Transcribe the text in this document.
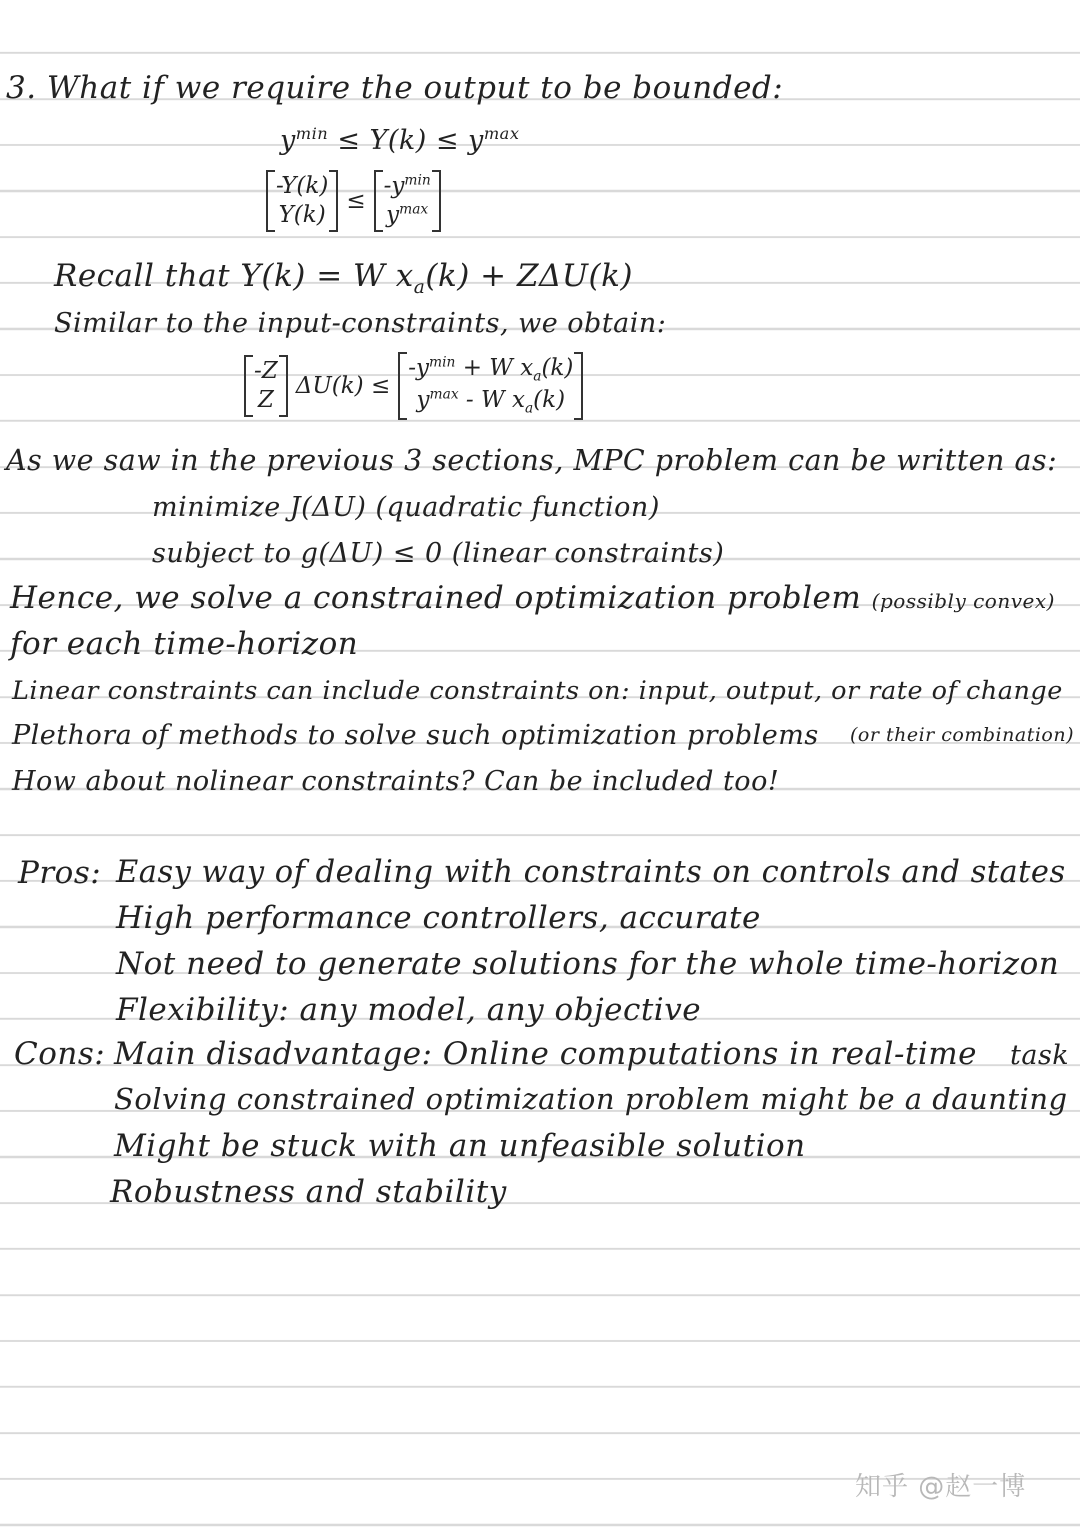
3. What if we require the output to be bounded:
$y^{min} \le Y(k) \le y^{max}$
-Y(k)
Y(k)
≤
$-y^{min}$
$y^{max}$
Recall that Y(k) = W $x_a(k) + Z\Delta U(k)$
Similar to the input-constraints, we obtain:
-Z
Z
ΔU(k) ≤
$-y^{min} + W$ $x_a(k)$
$y^{max}$ - W $x_a(k)$
As we saw in the previous 3 sections, MPC problem can be written as:
minimize J(ΔU) (quadratic function)
subject to g(ΔU) ≤ 0 (linear constraints)
Hence, we solve a constrained optimization problem (possibly convex)
for each time-horizon
Linear constraints can include constraints on: input, output, or rate of change
Plethora of methods to solve such optimization problems (or their combination)
How about nolinear constraints? Can be included too!
Pros: Easy way of dealing with constraints on controls and states
High performance controllers, accurate
Not need to generate solutions for the whole time-horizon
Flexibility: any model, any objective
Cons: Main disadvantage: Online computations in real-time task
Solving constrained optimization problem might be a daunting
Might be stuck with an unfeasible solution
Robustness and stability
知乎 @赵一博
